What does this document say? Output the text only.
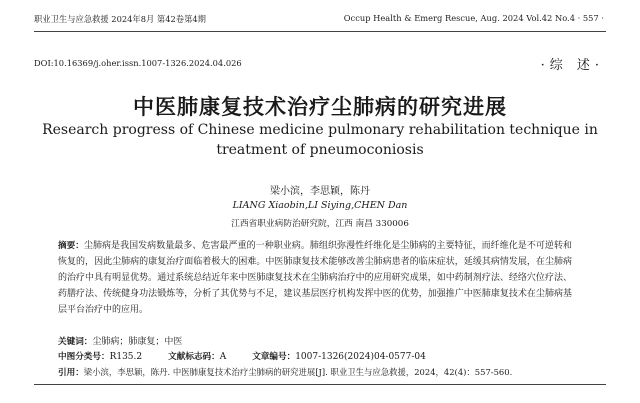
职业卫生与应急救援 2024年8月 第42卷第4期	Occup Health & Emerg Rescue, Aug. 2024 Vol.42 No.4 · 557 ·
DOI:10.16369/j.oher.issn.1007-1326.2024.04.026	·综 述·
中医肺康复技术治疗尘肺病的研究进展
Research progress of Chinese medicine pulmonary rehabilitation technique in treatment of pneumoconiosis
梁小滨，李思颖，陈丹
LIANG Xiaobin,LI Siying,CHEN Dan
江西省职业病防治研究院，江西 南昌 330006
摘要：尘肺病是我国发病数量最多、危害最严重的一种职业病。肺组织弥漫性纤维化是尘肺病的主要特征，而纤维化是不可逆转和恢复的，因此尘肺病的康复治疗面临着极大的困难。中医肺康复技术能够改善尘肺病患者的临床症状，延缓其病情发展，在尘肺病的治疗中具有明显优势。通过系统总结近年来中医肺康复技术在尘肺病治疗中的应用研究成果，如中药制剂疗法、经络穴位疗法、药膳疗法、传统健身功法锻炼等，分析了其优势与不足，建议基层医疗机构发挥中医的优势，加强推广中医肺康复技术在尘肺病基层平台治疗中的应用。
关键词：尘肺病；肺康复；中医
中图分类号：R135.2	文献标志码：A	文章编号：1007-1326(2024)04-0577-04
引用：梁小滨，李思颖，陈丹. 中医肺康复技术治疗尘肺病的研究进展[J]. 职业卫生与应急救援，2024，42(4)：557-560.
